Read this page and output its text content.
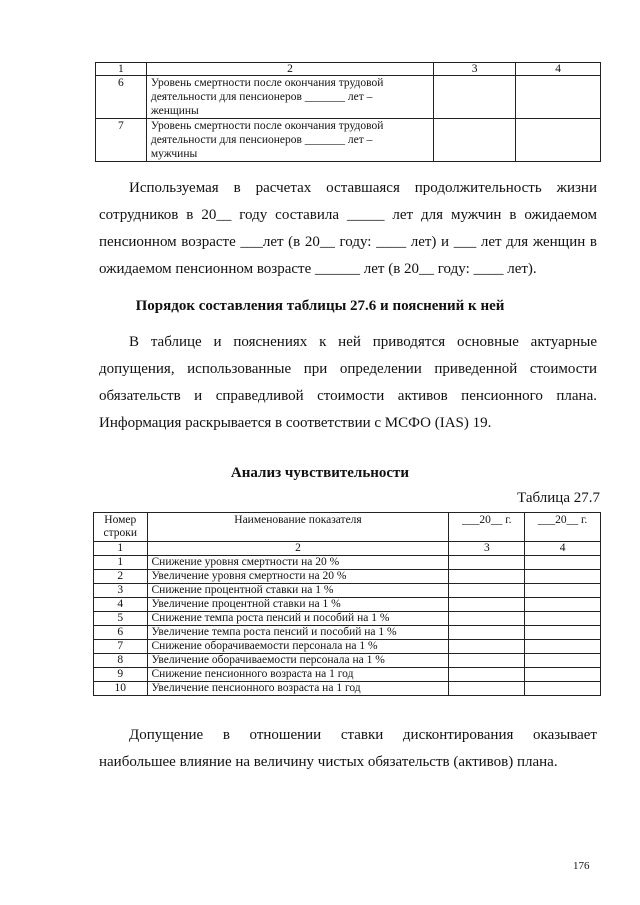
1	2	3	4
6	Уровень смертности после окончания трудовой
деятельности для пенсионеров _______ лет –
женщины		

7	Уровень смертности после окончания трудовой
деятельности для пенсионеров _______ лет –
мужчины		

Используемая в расчетах оставшаяся продолжительность жизни
сотрудников в 20__ году составила _____ лет для мужчин в ожидаемом
пенсионном возрасте ___лет (в 20__ году: ____ лет) и ___ лет для женщин в
ожидаемом пенсионном возрасте ______ лет (в 20__ году: ____ лет).

Порядок составления таблицы 27.6 и пояснений к ней

В таблице и пояснениях к ней приводятся основные актуарные
допущения, использованные при определении приведенной стоимости
обязательств и справедливой стоимости активов пенсионного плана.
Информация раскрывается в соответствии с МСФО (IAS) 19.

Анализ чувствительности

Таблица 27.7

Номер
строки	Наименование показателя	___20__ г.	___20__ г.
1	2	3	4
1	Снижение уровня смертности на 20 %		
2	Увеличение уровня смертности на 20 %		
3	Снижение процентной ставки на 1 %		
4	Увеличение процентной ставки на 1 %		
5	Снижение темпа роста пенсий и пособий на 1 %		
6	Увеличение темпа роста пенсий и пособий на 1 %		
7	Снижение оборачиваемости персонала на 1 %		
8	Увеличение оборачиваемости персонала на 1 %		
9	Снижение пенсионного возраста на 1 год		
10	Увеличение пенсионного возраста на 1 год		
Допущение в отношении ставки дисконтирования оказывает
наибольшее влияние на величину чистых обязательств (активов) плана.
176
